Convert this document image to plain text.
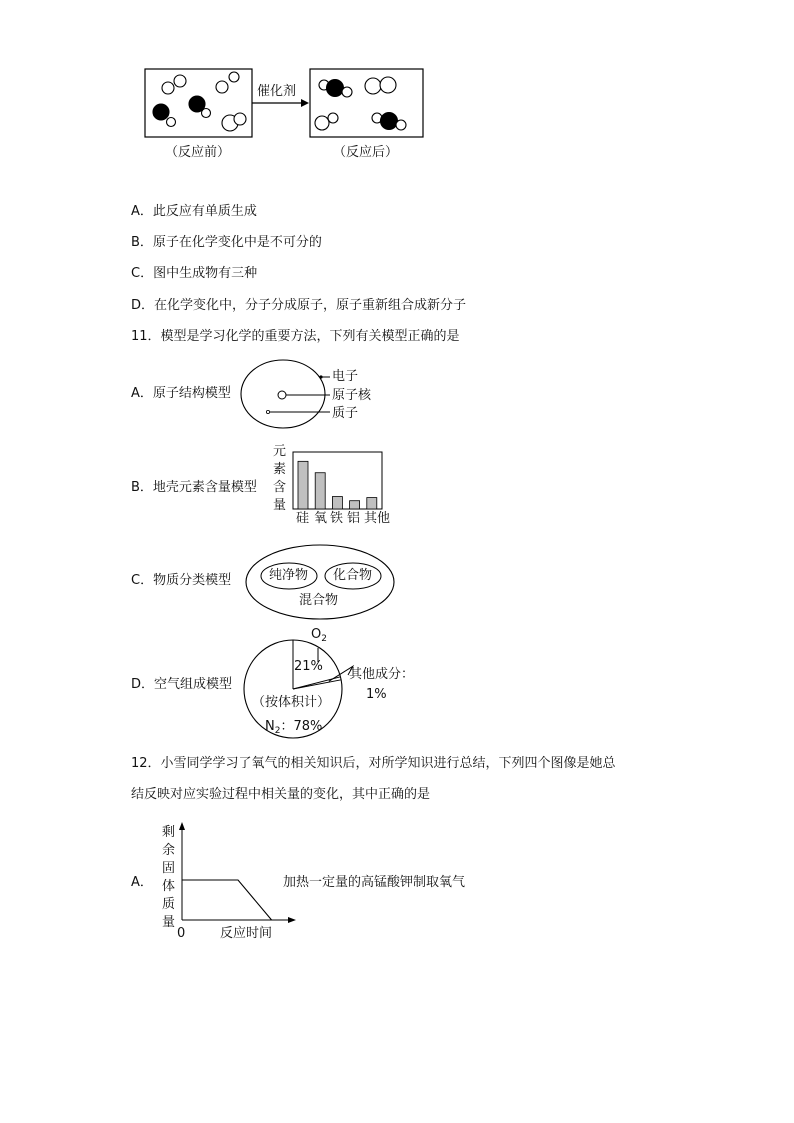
催化剂
（反应前）	（反应后）
A．此反应有单质生成
B．原子在化学变化中是不可分的
C．图中生成物有三种
D．在化学变化中，分子分成原子，原子重新组合成新分子
11．模型是学习化学的重要方法，下列有关模型正确的是
A．原子结构模型
电子
原子核
质子
B．地壳元素含量模型
元
素
含
量
硅 氧 铁 铝 其他
C．物质分类模型	纯净物 化合物
混合物
D．空气组成模型
$O_2$
21%
其他成分：
1%
（按体积计）
$N_2$：78%
12．小雪同学学习了氧气的相关知识后，对所学知识进行总结，下列四个图像是她总
结反映对应实验过程中相关量的变化，其中正确的是
A．
剩
余
固
体
质
量
0	反应时间
加热一定量的高锰酸钾制取氧气
